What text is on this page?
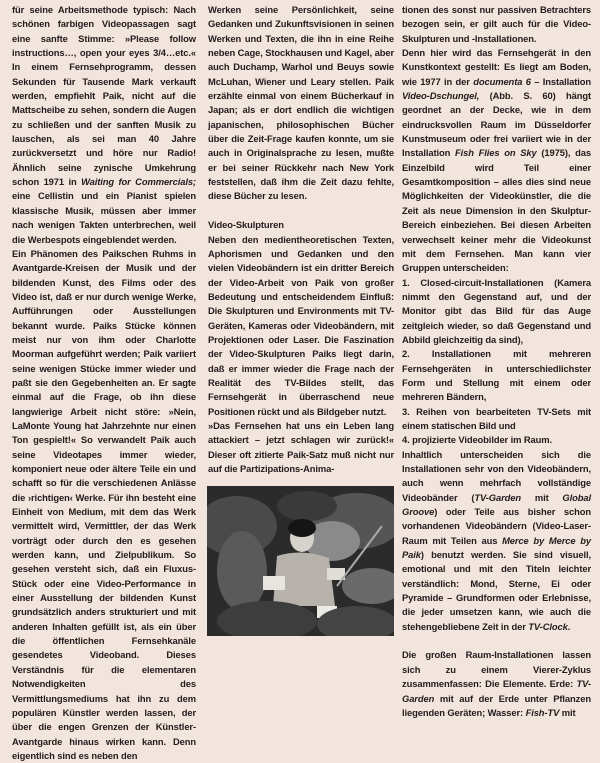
für seine Arbeitsmethode typisch: Nach schönen farbigen Videopassagen sagt eine sanfte Stimme: »Please follow instructions…, open your eyes 3/4…etc.« In einem Fernsehprogramm, dessen Sekunden für Tausende Mark verkauft werden, empfiehlt Paik, nicht auf die Mattscheibe zu sehen, sondern die Augen zu schließen und der sanften Musik zu lauschen, als sei man 40 Jahre zurückversetzt und höre nur Radio! Ähnlich seine zynische Umkehrung schon 1971 in Waiting for Commercials; eine Cellistin und ein Pianist spielen klassische Musik, müssen aber immer nach wenigen Takten unterbrechen, weil die Werbespots eingeblendet werden.

Ein Phänomen des Paikschen Ruhms in Avantgarde-Kreisen der Musik und der bildenden Kunst, des Films oder des Video ist, daß er nur durch wenige Werke, Aufführungen oder Ausstellungen bekannt wurde. Paiks Stücke können meist nur von ihm oder Charlotte Moorman aufgeführt werden; Paik variiert seine wenigen Stücke immer wieder und paßt sie den Gegebenheiten an. Er sagte einmal auf die Frage, ob ihn diese langwierige Arbeit nicht störe: »Nein, LaMonte Young hat Jahrzehnte nur einen Ton gespielt!« So verwandelt Paik auch seine Videotapes immer wieder, komponiert neue oder ältere Teile ein und schafft so für die verschiedenen Anlässe die ›richtigen‹ Werke. Für ihn besteht eine Einheit von Medium, mit dem das Werk vermittelt wird, Vermittler, der das Werk vorträgt oder durch den es gesehen werden kann, und Zielpublikum. So gesehen versteht sich, daß ein Fluxus-Stück oder eine Video-Performance in einer Ausstellung der bildenden Kunst grundsätzlich anders strukturiert und mit anderen Inhalten gefüllt ist, als ein über die öffentlichen Fernsehkanäle gesendetes Videoband. Dieses Verständnis für die elementaren Notwendigkeiten des Vermittlungsmediums hat ihn zu dem populären Künstler werden lassen, der über die engen Grenzen der Künstler-Avantgarde hinaus wirken kann. Denn eigentlich sind es neben den

Werken seine Persönlichkeit, seine Gedanken und Zukunftsvisionen in seinen Werken und Texten, die ihn in eine Reihe neben Cage, Stockhausen und Kagel, aber auch Duchamp, Warhol und Beuys sowie McLuhan, Wiener und Leary stellen. Paik erzählte einmal von einem Bücherkauf in Japan; als er dort endlich die wichtigen japanischen, philosophischen Bücher über die Zeit-Frage kaufen konnte, um sie auch in Originalsprache zu lesen, mußte er bei seiner Rückkehr nach New York feststellen, daß ihm die Zeit dazu fehlte, diese Bücher zu lesen.

Video-Skulpturen

Neben den medientheoretischen Texten, Aphorismen und Gedanken und den vielen Videobändern ist ein dritter Bereich der Video-Arbeit von Paik von großer Bedeutung und entscheidendem Einfluß: Die Skulpturen und Environments mit TV-Geräten, Kameras oder Videobändern, mit Projektionen oder Laser. Die Faszination der Video-Skulpturen Paiks liegt darin, daß er immer wieder die Frage nach der Realität des TV-Bildes stellt, das Fernsehgerät in überraschend neue Positionen rückt und als Bildgeber nutzt.

»Das Fernsehen hat uns ein Leben lang attackiert – jetzt schlagen wir zurück!« Dieser oft zitierte Paik-Satz muß nicht nur auf die Partizipations-Anima-

tionen des sonst nur passiven Betrachters bezogen sein, er gilt auch für die Video-Skulpturen und -Installationen.

Denn hier wird das Fernsehgerät in den Kunstkontext gestellt: Es liegt am Boden, wie 1977 in der documenta 6 – Installation Video-Dschungel, (Abb. S. 60) hängt geordnet an der Decke, wie in dem eindrucksvollen Raum im Düsseldorfer Kunstmuseum oder frei variiert wie in der Installation Fish Flies on Sky (1975), das Einzelbild wird Teil einer Gesamtkomposition – alles dies sind neue Möglichkeiten der Videokünstler, die die Zeit als neue Dimension in den Skulptur-Bereich einbeziehen. Bei diesen Arbeiten verwechselt keiner mehr die Videokunst mit dem Fernsehen. Man kann vier Gruppen unterscheiden:

1. Closed-circuit-Installationen (Kamera nimmt den Gegenstand auf, und der Monitor gibt das Bild für das Auge zeitgleich wieder, so daß Gegenstand und Abbild gleichzeitig da sind),

2. Installationen mit mehreren Fernsehgeräten in unterschiedlichster Form und Stellung mit einem oder mehreren Bändern,

3. Reihen von bearbeiteten TV-Sets mit einem statischen Bild und

4. projizierte Videobilder im Raum.

Inhaltlich unterscheiden sich die Installationen sehr von den Videobändern, auch wenn mehrfach vollständige Videobänder (TV-Garden mit Global Groove) oder Teile aus bisher schon vorhandenen Videobändern (Video-Laser-Raum mit Teilen aus Merce by Merce by Paik) benutzt werden. Sie sind visuell, emotional und mit den Titeln leichter verständlich: Mond, Sterne, Ei oder Pyramide – Grundformen oder Erlebnisse, die jeder umsetzen kann, wie auch die stehengebliebene Zeit in der TV-Clock.

Die großen Raum-Installationen lassen sich zu einem Vierer-Zyklus zusammenfassen: Die Elemente. Erde: TV-Garden mit auf der Erde unter Pflanzen liegenden Geräten; Wasser: Fish-TV mit
